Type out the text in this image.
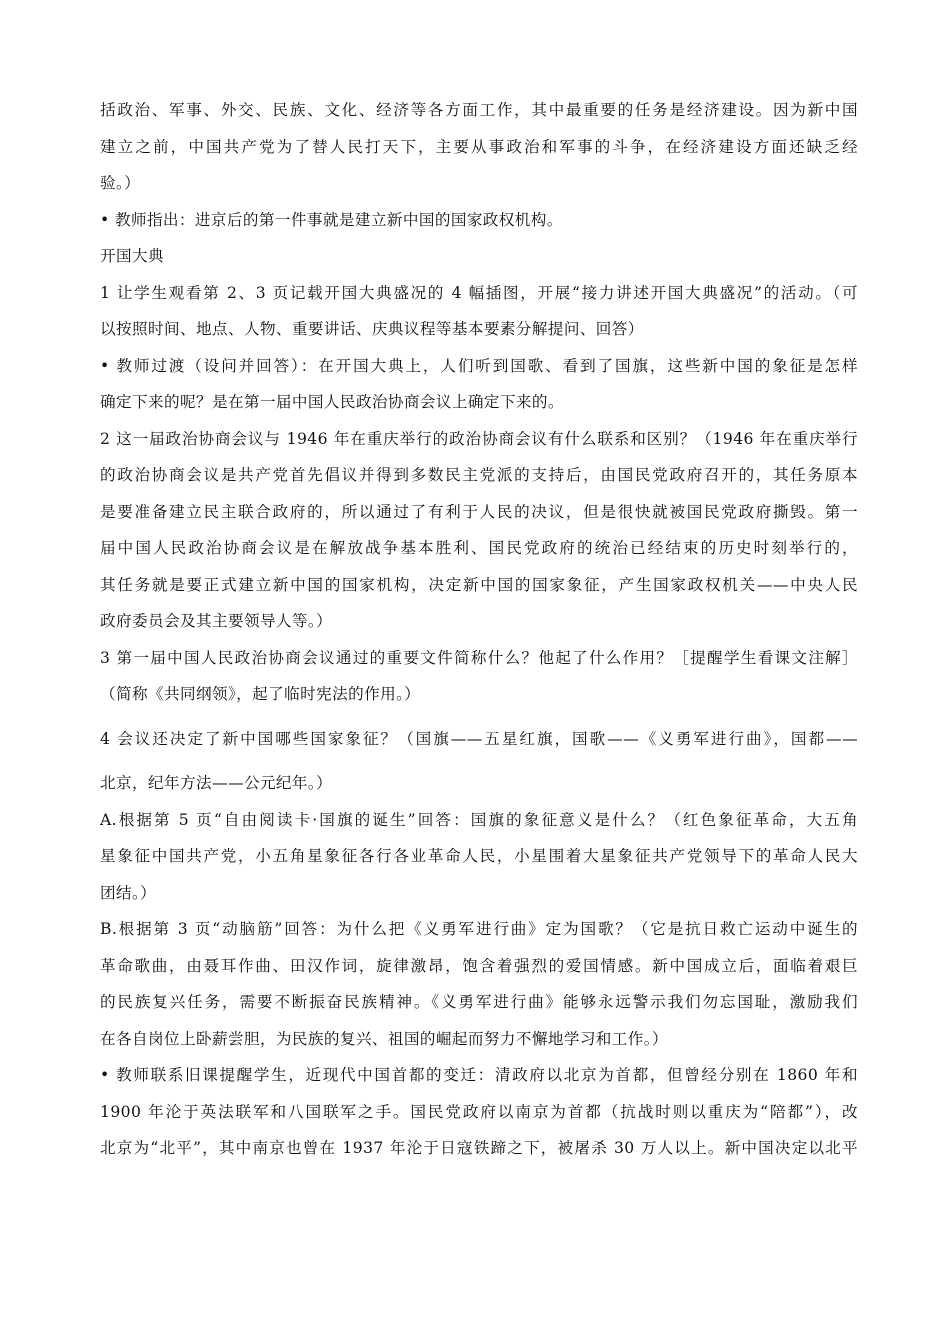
括政治、军事、外交、民族、文化、经济等各方面工作，其中最重要的任务是经济建设。因为新中国
建立之前，中国共产党为了替人民打天下，主要从事政治和军事的斗争，在经济建设方面还缺乏经
验。）
• 教师指出：进京后的第一件事就是建立新中国的国家政权机构。
开国大典
1 让学生观看第 2、3 页记载开国大典盛况的 4 幅插图，开展“接力讲述开国大典盛况”的活动。（可
以按照时间、地点、人物、重要讲话、庆典议程等基本要素分解提问、回答）
• 教师过渡（设问并回答）：在开国大典上，人们听到国歌、看到了国旗，这些新中国的象征是怎样
确定下来的呢？是在第一届中国人民政治协商会议上确定下来的。
2 这一届政治协商会议与 1946 年在重庆举行的政治协商会议有什么联系和区别？（1946 年在重庆举行
的政治协商会议是共产党首先倡议并得到多数民主党派的支持后，由国民党政府召开的，其任务原本
是要准备建立民主联合政府的，所以通过了有利于人民的决议，但是很快就被国民党政府撕毁。第一
届中国人民政治协商会议是在解放战争基本胜利、国民党政府的统治已经结束的历史时刻举行的，
其任务就是要正式建立新中国的国家机构，决定新中国的国家象征，产生国家政权机关——中央人民
政府委员会及其主要领导人等。）
3 第一届中国人民政治协商会议通过的重要文件简称什么？他起了什么作用？［提醒学生看课文注解］
（简称《共同纲领》，起了临时宪法的作用。）
4 会议还决定了新中国哪些国家象征？（国旗——五星红旗，国歌——《义勇军进行曲》，国都——
北京，纪年方法——公元纪年。）
A.根据第 5 页“自由阅读卡·国旗的诞生”回答：国旗的象征意义是什么？（红色象征革命，大五角
星象征中国共产党，小五角星象征各行各业革命人民，小星围着大星象征共产党领导下的革命人民大
团结。）
B.根据第 3 页“动脑筋”回答：为什么把《义勇军进行曲》定为国歌？（它是抗日救亡运动中诞生的
革命歌曲，由聂耳作曲、田汉作词，旋律激昂，饱含着强烈的爱国情感。新中国成立后，面临着艰巨
的民族复兴任务，需要不断振奋民族精神。《义勇军进行曲》能够永远警示我们勿忘国耻，激励我们
在各自岗位上卧薪尝胆，为民族的复兴、祖国的崛起而努力不懈地学习和工作。）
• 教师联系旧课提醒学生，近现代中国首都的变迁：清政府以北京为首都，但曾经分别在 1860 年和
1900 年沦于英法联军和八国联军之手。国民党政府以南京为首都（抗战时则以重庆为“陪都”），改
北京为“北平”，其中南京也曾在 1937 年沦于日寇铁蹄之下，被屠杀 30 万人以上。新中国决定以北平
